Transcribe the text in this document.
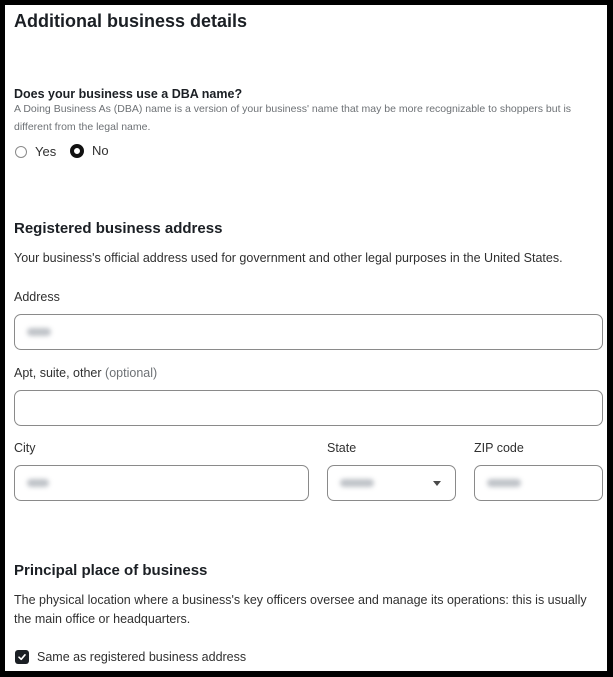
Additional business details
Does your business use a DBA name?
A Doing Business As (DBA) name is a version of your business' name that may be more recognizable to shoppers but is different from the legal name.
Yes	No
Registered business address
Your business's official address used for government and other legal purposes in the United States.
Address
Apt, suite, other (optional)
City	State	ZIP code
Principal place of business
The physical location where a business's key officers oversee and manage its operations: this is usually the main office or headquarters.
Same as registered business address
